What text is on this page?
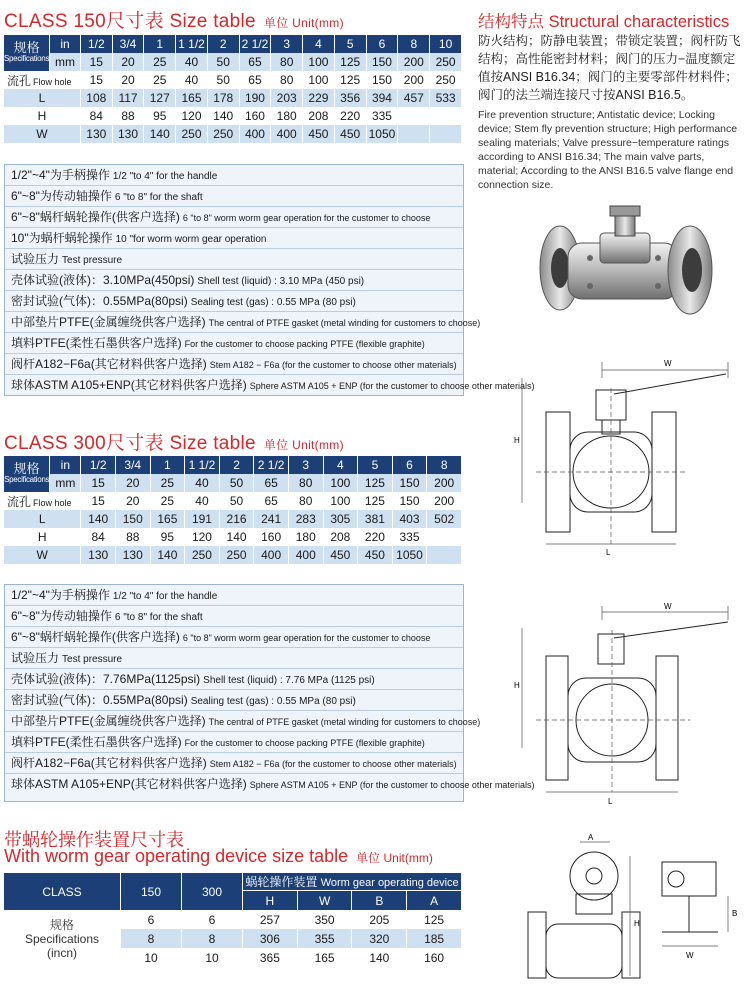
CLASS 150尺寸表 Size table 单位 Unit(mm)
规格
Specifications	in	1/2	3/4	1	1 1/2	2	2 1/2	3	4	5	6	8	10
	mm	15	20	25	40	50	65	80	100	125	150	200	250
流孔 Flow hole		15	20	25	40	50	65	80	100	125	150	200	250
L		108	117	127	165	178	190	203	229	356	394	457	533
H		84	88	95	120	140	160	180	208	220	335		
W		130	130	140	250	250	400	400	450	450	1050		
1/2"~4"为手柄操作 1/2 "to 4" for the handle
6"~8"为传动轴操作 6 "to 8" for the shaft
6"~8"蜗杆蜗轮操作(供客户选择) 6 "to 8" worm worm gear operation for the customer to choose
10"为蜗杆蜗轮操作 10 "for worm worm gear operation
试验压力 Test pressure
壳体试验(液体)：3.10MPa(450psi) Shell test (liquid) : 3.10 MPa (450 psi)
密封试验(气体)：0.55MPa(80psi) Sealing test (gas) : 0.55 MPa (80 psi)
中部垫片PTFE(金属缠绕供客户选择) The central of PTFE gasket (metal winding for customers to choose)
填料PTFE(柔性石墨供客户选择) For the customer to choose packing PTFE (flexible graphite)
阀杆A182−F6a(其它材料供客户选择) Stem A182 − F6a (for the customer to choose other materials)
球体ASTM A105+ENP(其它材料供客户选择) Sphere ASTM A105 + ENP (for the customer to choose other materials)
CLASS 300尺寸表 Size table 单位 Unit(mm)
规格
Specifications	in	1/2	3/4	1	1 1/2	2	2 1/2	3	4	5	6	8
	mm	15	20	25	40	50	65	80	100	125	150	200
流孔 Flow hole		15	20	25	40	50	65	80	100	125	150	200
L		140	150	165	191	216	241	283	305	381	403	502
H		84	88	95	120	140	160	180	208	220	335	
W		130	130	140	250	250	400	400	450	450	1050	
1/2"~4"为手柄操作 1/2 "to 4" for the handle
6"~8"为传动轴操作 6 "to 8" for the shaft
6"~8"蜗杆蜗轮操作(供客户选择) 6 "to 8" worm worm gear operation for the customer to choose
试验压力 Test pressure
壳体试验(液体)：7.76MPa(1125psi) Shell test (liquid) : 7.76 MPa (1125 psi)
密封试验(气体)：0.55MPa(80psi) Sealing test (gas) : 0.55 MPa (80 psi)
中部垫片PTFE(金属缠绕供客户选择) The central of PTFE gasket (metal winding for customers to choose)
填料PTFE(柔性石墨供客户选择) For the customer to choose packing PTFE (flexible graphite)
阀杆A182−F6a(其它材料供客户选择) Stem A182 − F6a (for the customer to choose other materials)
球体ASTM A105+ENP(其它材料供客户选择) Sphere ASTM A105 + ENP (for the customer to choose other materials)
带蜗轮操作装置尺寸表
With worm gear operating device size table 单位 Unit(mm)
CLASS	150	300	蜗轮操作装置 Worm gear operating device			
			H	W	B	A

规格
Specifications
(incn)	6	6	257	350	205	125
	8	8	306	355	320	185
	10	10	365	165	140	160
结构特点 Structural characteristics
防火结构；防静电装置；带锁定装置；阀杆防飞结构；高性能密封材料；阀门的压力−温度额定值按ANSI B16.34；阀门的主要零部件材料件；阀门的法兰端连接尺寸按ANSI B16.5。
Fire prevention structure; Antistatic device; Locking device; Stem fly prevention structure; High performance sealing materials; Valve pressure−temperature ratings according to ANSI B16.34; The main valve parts, material; According to the ANSI B16.5 valve flange end connection size.
W
H
L
W
H
L
A
H
B
W
